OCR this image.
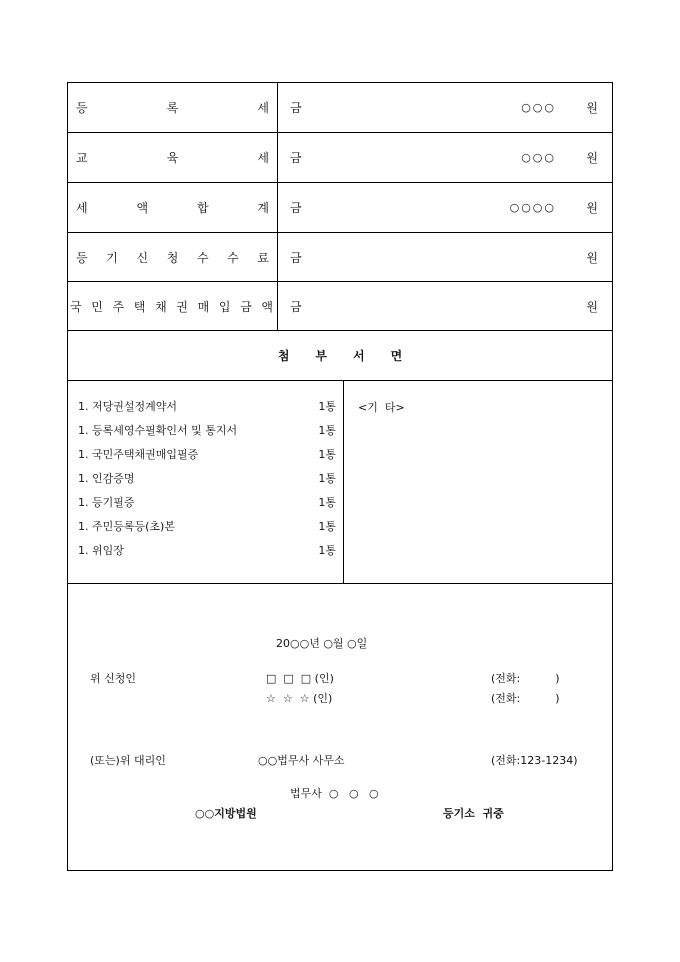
등	록	세 금	○○○	원
교	육	세 금	○○○	원
세	액	합	계 금	○○○○	원
등 기 신 청 수 수 료 금	원
국 민 주 택 채 권 매 입 금 액 금	원
첨 부 서 면
1. 저당권설정계약서	1통
1. 등록세영수필확인서 및 통지서	1통
1. 국민주택채권매입필증	1통
1. 인감증명	1통
1. 등기필증	1통
1. 주민등록등(초)본	1통
1. 위임장	1통
<기  타>
20○○년 ○월 ○일
위 신청인	□  □  □ (인)	(전화:          )
☆  ☆  ☆ (인)	(전화:          )
(또는)위 대리인	○○법무사 사무소	(전화:123-1234)
법무사  ○   ○   ○
○○지방법원	등기소  귀중
